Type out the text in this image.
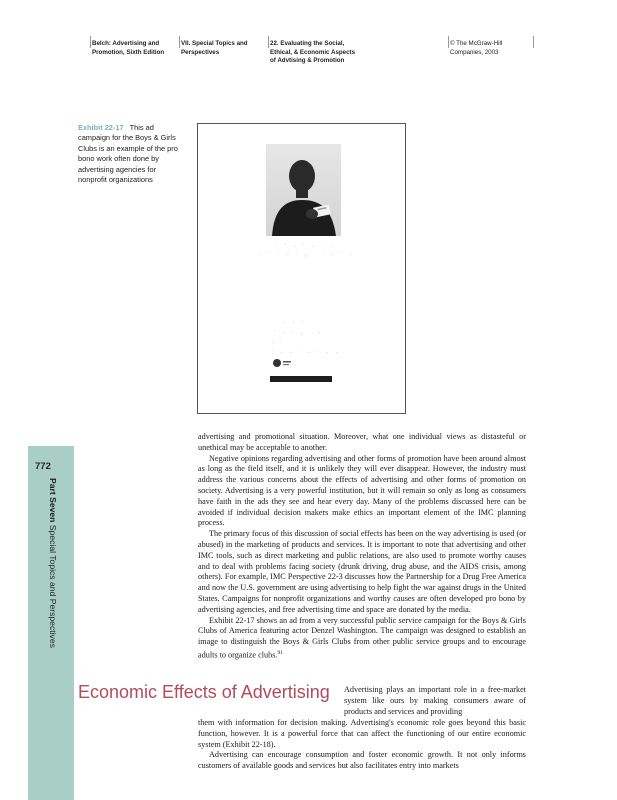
Belch: Advertising and Promotion, Sixth Edition
VII. Special Topics and Perspectives
22. Evaluating the Social, Ethical, & Economic Aspects of Advtising & Promotion
© The McGraw-Hill Companies, 2003
Exhibit 22-17 This ad campaign for the Boys & Girls Clubs is an example of the pro bono work often done by advertising agencies for nonprofit organizations
˙ ʾ · ˙ · ˙ ·
· ˙ ˙ · ˙ ,   ˙ · ˙ ·
· · ˙
˙ · · ,   ·
· ˙
˙ · · ˙ · ˙ · ·
772
Part Seven Special Topics and Perspectives

advertising and promotional situation. Moreover, what one individual views as distasteful or unethical may be acceptable to another.

Negative opinions regarding advertising and other forms of promotion have been around almost as long as the field itself, and it is unlikely they will ever disappear. However, the industry must address the various concerns about the effects of advertising and other forms of promotion on society. Advertising is a very powerful institution, but it will remain so only as long as consumers have faith in the ads they see and hear every day. Many of the problems discussed here can be avoided if individual decision makers make ethics an important element of the IMC planning process.

The primary focus of this discussion of social effects has been on the way advertising is used (or abused) in the marketing of products and services. It is important to note that advertising and other IMC tools, such as direct marketing and public relations, are also used to promote worthy causes and to deal with problems facing society (drunk driving, drug abuse, and the AIDS crisis, among others). For example, IMC Perspective 22-3 discusses how the Partnership for a Drug Free America and now the U.S. government are using advertising to help fight the war against drugs in the United States. Campaigns for nonprofit organizations and worthy causes are often developed pro bono by advertising agencies, and free advertising time and space are donated by the media.

Exhibit 22-17 shows an ad from a very successful public service campaign for the Boys & Girls Clubs of America featuring actor Denzel Washington. The campaign was designed to establish an image to distinguish the Boys & Girls Clubs from other public service groups and to encourage adults to organize clubs.$^{91}$

Economic Effects of Advertising Advertising plays an important role in a free-market system like ours by making consumers aware of products and services and providing

them with information for decision making. Advertising's economic role goes beyond this basic function, however. It is a powerful force that can affect the functioning of our entire economic system (Exhibit 22-18).

Advertising can encourage consumption and foster economic growth. It not only informs customers of available goods and services but also facilitates entry into markets
